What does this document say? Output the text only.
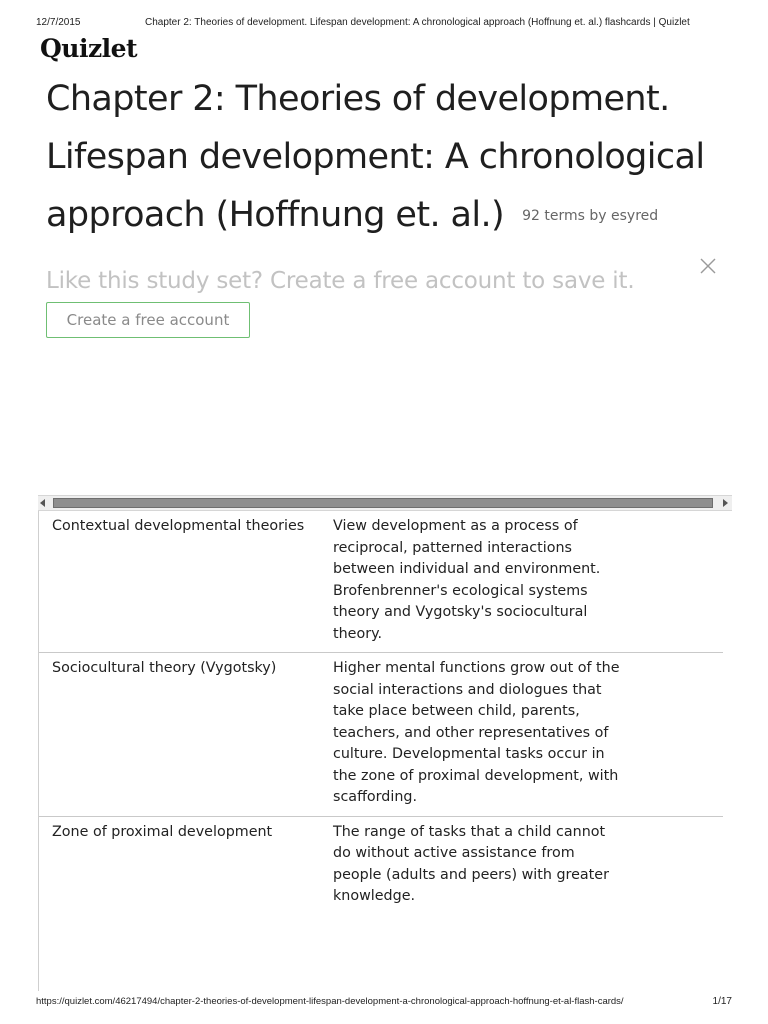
12/7/2015	Chapter 2: Theories of development. Lifespan development: A chronological approach (Hoffnung et. al.) flashcards | Quizlet
Quizlet
Chapter 2: Theories of development.
Lifespan development: A chronological
approach (Hoffnung et. al.) 92 terms by esyred
Like this study set? Create a free account to save it.
Create a free account
Contextual developmental theories	View development as a process of reciprocal, patterned interactions between individual and environment. Brofenbrenner's ecological systems theory and Vygotsky's sociocultural theory.
Sociocultural theory (Vygotsky)	Higher mental functions grow out of the social interactions and diologues that take place between child, parents, teachers, and other representatives of culture. Developmental tasks occur in the zone of proximal development, with scaffording.
Zone of proximal development	The range of tasks that a child cannot do without active assistance from people (adults and peers) with greater knowledge.
https://quizlet.com/46217494/chapter-2-theories-of-development-lifespan-development-a-chronological-approach-hoffnung-et-al-flash-cards/	1/17
